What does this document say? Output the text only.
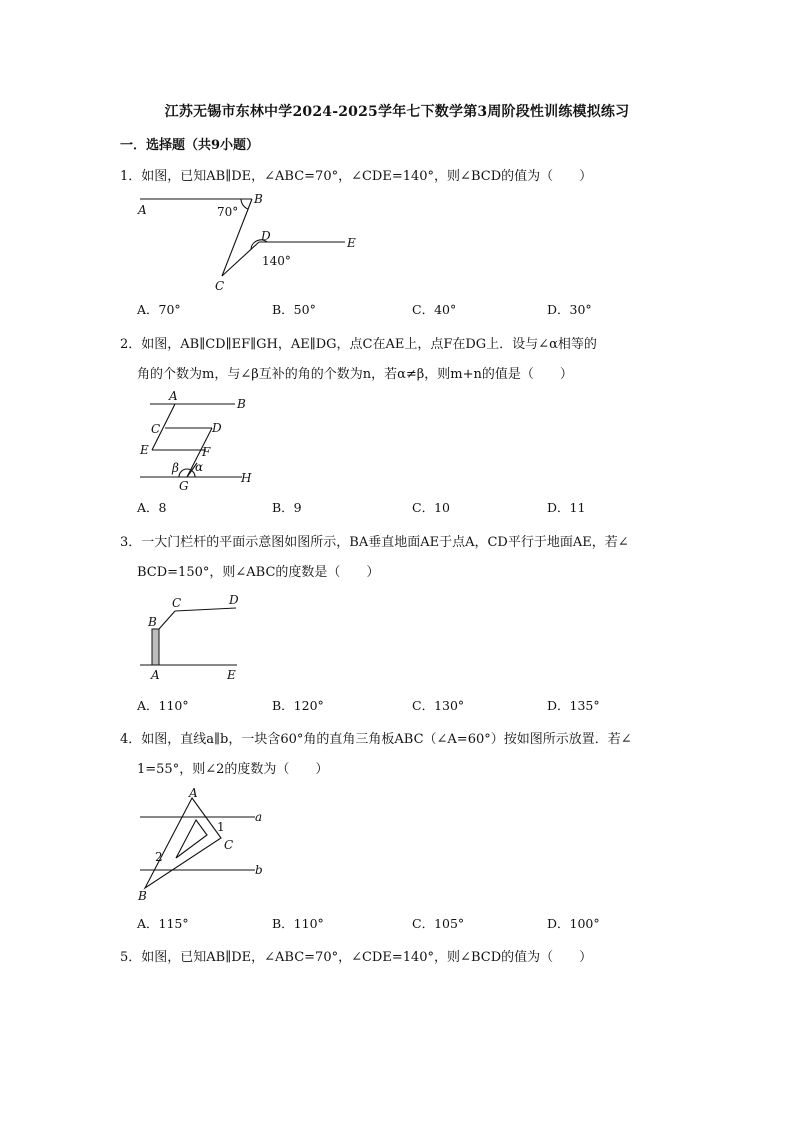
江苏无锡市东林中学2024-2025学年七下数学第3周阶段性训练模拟练习
一．选择题（共9小题）
1．如图，已知AB∥DE，∠ABC=70°，∠CDE=140°，则∠BCD的值为（　　）
A
B
C
D	E
70°
140°
A．70°	B．50°	C．40°	D．30°
2．如图，AB∥CD∥EF∥GH，AE∥DG，点C在AE上，点F在DG上．设与∠α相等的
角的个数为m，与∠β互补的角的个数为n，若α≠β，则m+n的值是（　　）
A
B
C	D
E	F
G
H
β α
A．8	B．9	C．10	D．11
3．一大门栏杆的平面示意图如图所示，BA垂直地面AE于点A，CD平行于地面AE，若∠
BCD=150°，则∠ABC的度数是（　　）
B
C	D
A	E
A．110°	B．120°	C．130°	D．135°
4．如图，直线a∥b，一块含60°角的直角三角板ABC（∠A=60°）按如图所示放置．若∠
1=55°，则∠2的度数为（　　）
A
C
B
a
b
1
2
A．115°	B．110°	C．105°	D．100°
5．如图，已知AB∥DE，∠ABC=70°，∠CDE=140°，则∠BCD的值为（　　）
